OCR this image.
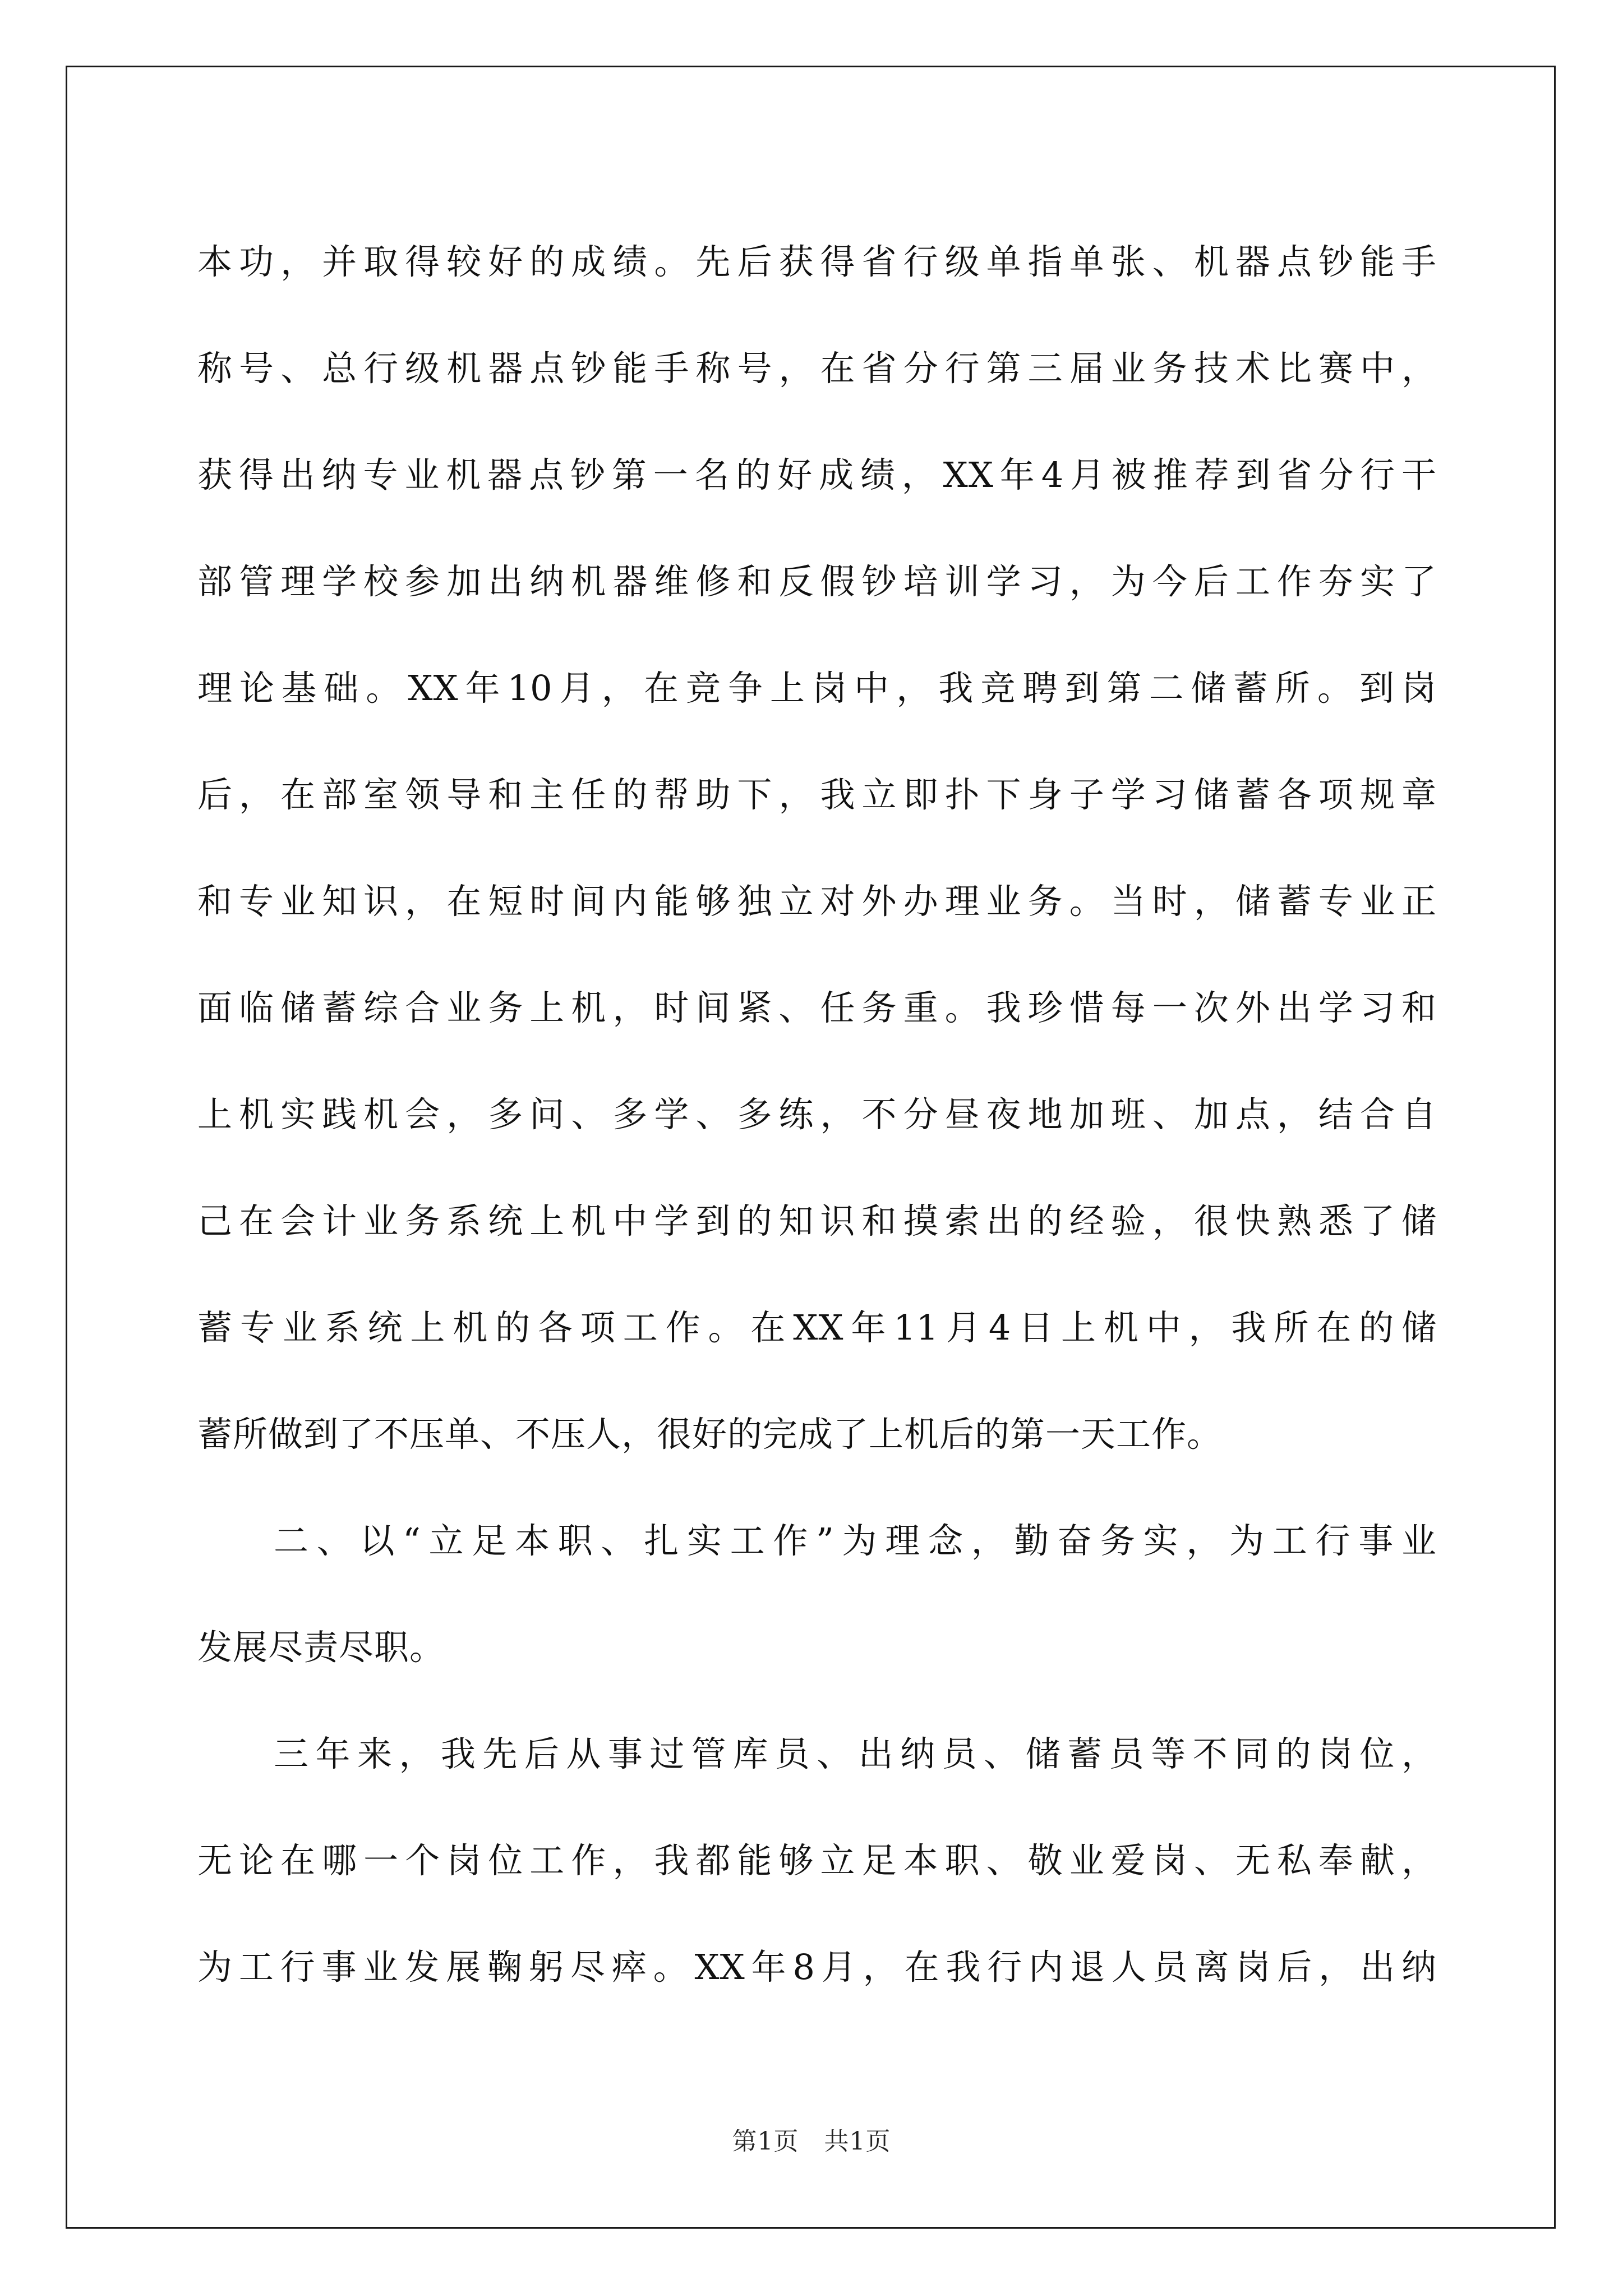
本功，并取得较好的成绩。先后获得省行级单指单张、机器点钞能手
称号、总行级机器点钞能手称号，在省分行第三届业务技术比赛中，
获得出纳专业机器点钞第一名的好成绩，XX年4月被推荐到省分行干
部管理学校参加出纳机器维修和反假钞培训学习，为今后工作夯实了
理论基础。XX年10月，在竞争上岗中，我竞聘到第二储蓄所。到岗
后，在部室领导和主任的帮助下，我立即扑下身子学习储蓄各项规章
和专业知识，在短时间内能够独立对外办理业务。当时，储蓄专业正
面临储蓄综合业务上机，时间紧、任务重。我珍惜每一次外出学习和
上机实践机会，多问、多学、多练，不分昼夜地加班、加点，结合自
己在会计业务系统上机中学到的知识和摸索出的经验，很快熟悉了储
蓄专业系统上机的各项工作。在XX年11月4日上机中，我所在的储
蓄所做到了不压单、不压人，很好的完成了上机后的第一天工作。
二、以“立足本职、扎实工作”为理念，勤奋务实，为工行事业
发展尽责尽职。
三年来，我先后从事过管库员、出纳员、储蓄员等不同的岗位，
无论在哪一个岗位工作，我都能够立足本职、敬业爱岗、无私奉献，
为工行事业发展鞠躬尽瘁。XX年8月，在我行内退人员离岗后，出纳
第1页　共1页
